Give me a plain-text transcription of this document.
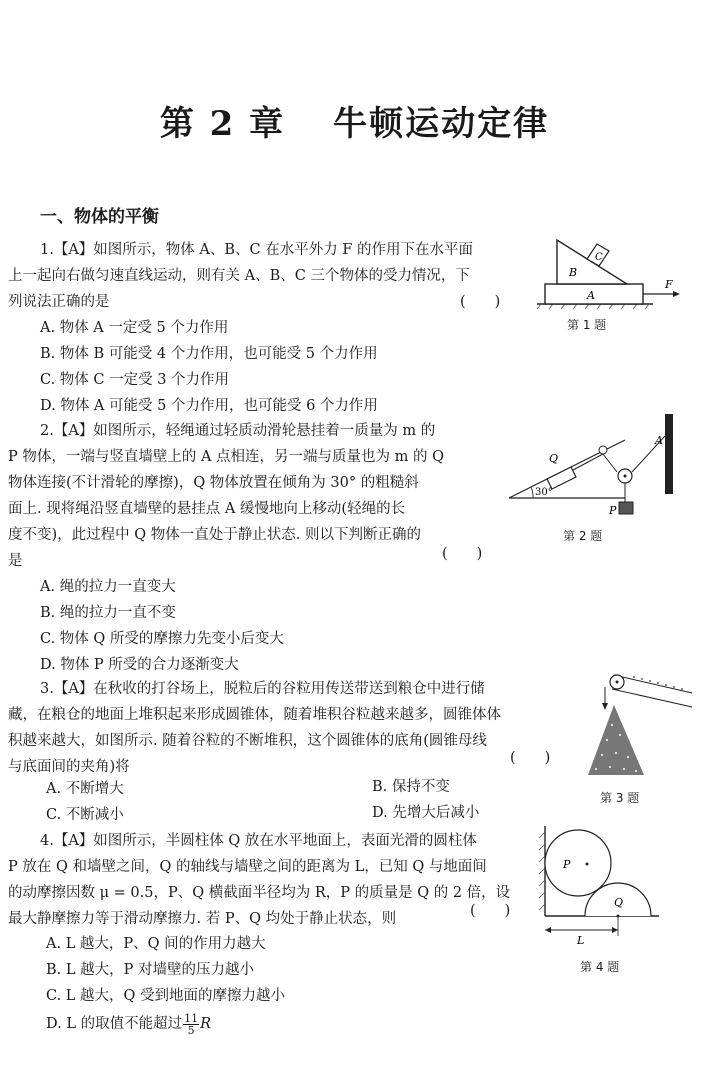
第 2 章 牛顿运动定律
一、物体的平衡
1.【A】如图所示，物体 A、B、C 在水平外力 F 的作用下在水平面
上一起向右做匀速直线运动，则有关 A、B、C 三个物体的受力情况，下
列说法正确的是	(　　)
A. 物体 A 一定受 5 个力作用
B. 物体 B 可能受 4 个力作用，也可能受 5 个力作用
C. 物体 C 一定受 3 个力作用
D. 物体 A 可能受 5 个力作用，也可能受 6 个力作用
A
B
C
F
第 1 题
2.【A】如图所示，轻绳通过轻质动滑轮悬挂着一质量为 m 的
P 物体，一端与竖直墙壁上的 A 点相连，另一端与质量也为 m 的 Q
物体连接(不计滑轮的摩擦)，Q 物体放置在倾角为 30° 的粗糙斜
面上. 现将绳沿竖直墙壁的悬挂点 A 缓慢地向上移动(轻绳的长
度不变)，此过程中 Q 物体一直处于静止状态. 则以下判断正确的
是	(　　)
A. 绳的拉力一直变大
B. 绳的拉力一直不变
C. 物体 Q 所受的摩擦力先变小后变大
D. 物体 P 所受的合力逐渐变大
30°
Q
A
P
第 2 题
3.【A】在秋收的打谷场上，脱粒后的谷粒用传送带送到粮仓中进行储
藏，在粮仓的地面上堆积起来形成圆锥体，随着堆积谷粒越来越多，圆锥体体
积越来越大，如图所示. 随着谷粒的不断堆积，这个圆锥体的底角(圆锥母线
与底面间的夹角)将
(　　)
A. 不断增大	B. 保持不变
C. 不断减小	D. 先增大后减小
第 3 题
4.【A】如图所示，半圆柱体 Q 放在水平地面上，表面光滑的圆柱体
P 放在 Q 和墙壁之间，Q 的轴线与墙壁之间的距离为 L，已知 Q 与地面间
的动摩擦因数 μ = 0.5，P、Q 横截面半径均为 R，P 的质量是 Q 的 2 倍，设
最大静摩擦力等于滑动摩擦力. 若 P、Q 均处于静止状态，则	(　　)
A. L 越大，P、Q 间的作用力越大
B. L 越大，P 对墙壁的压力越小
C. L 越大，Q 受到地面的摩擦力越小
D. L 的取值不能超过 $\frac{11}{5}$ R
P
Q
L
第 4 题
